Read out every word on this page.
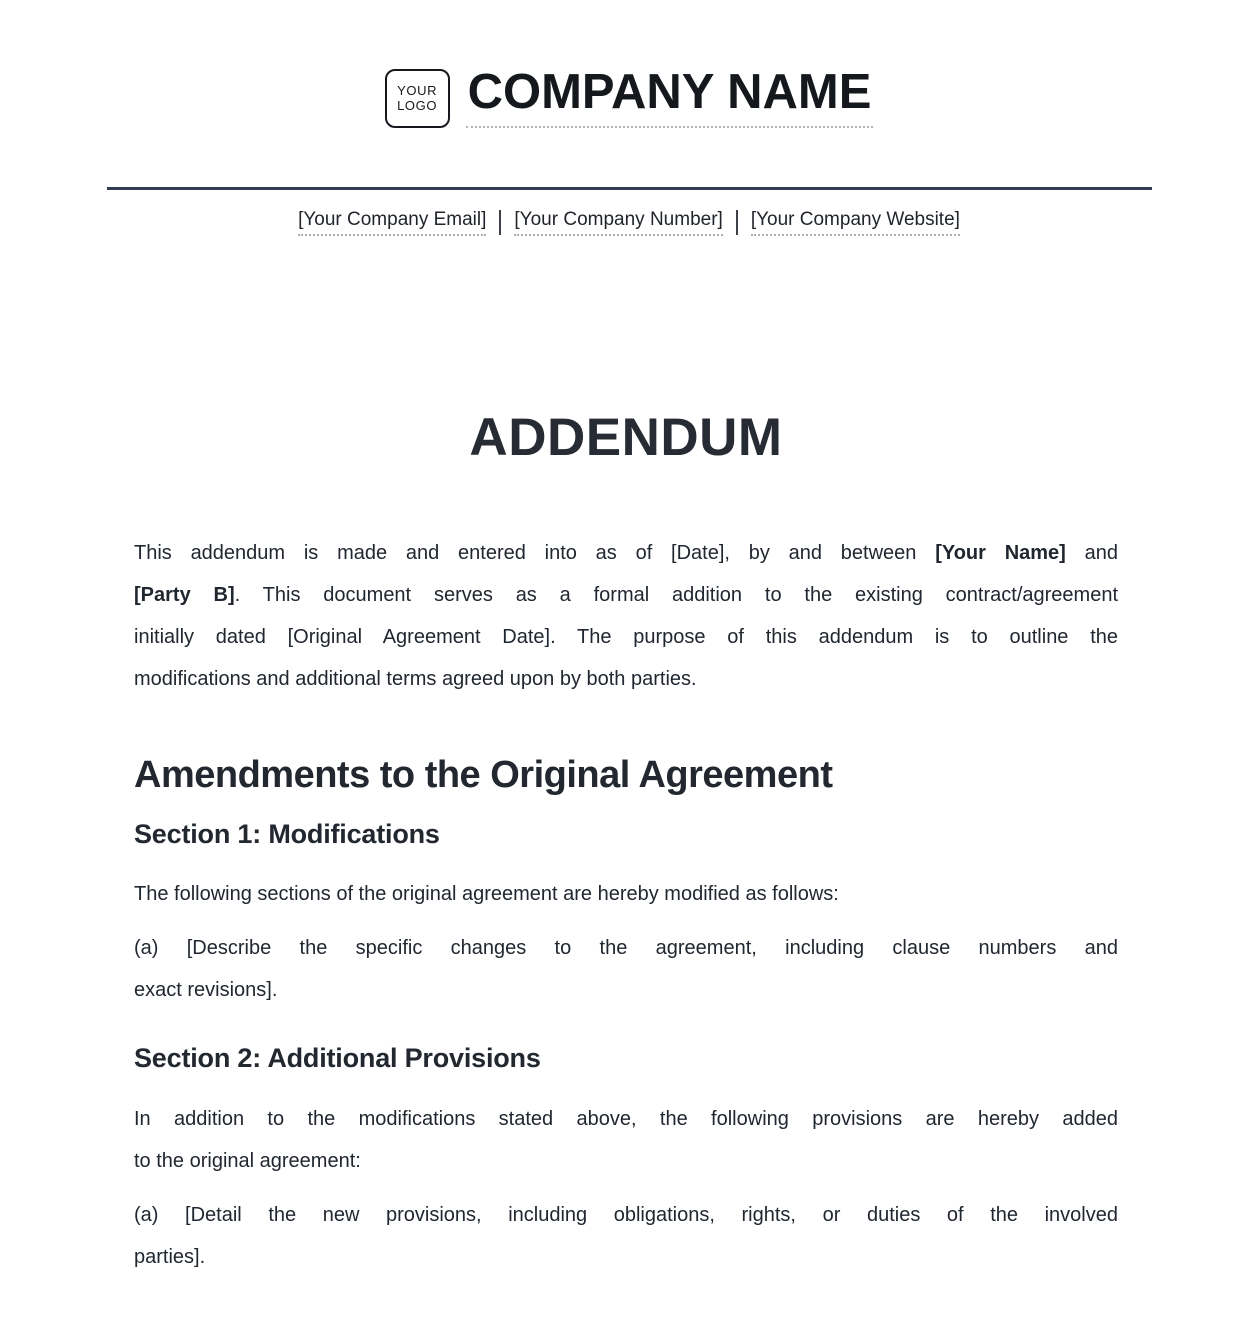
YOUR
LOGO COMPANY NAME
[Your Company Email] [Your Company Number] [Your Company Website]
ADDENDUM
This addendum is made and entered into as of [Date], by and between [Your Name] and
[Party B]. This document serves as a formal addition to the existing contract/agreement
initially dated [Original Agreement Date]. The purpose of this addendum is to outline the
modifications and additional terms agreed upon by both parties.
Amendments to the Original Agreement
Section 1: Modifications
The following sections of the original agreement are hereby modified as follows:
(a) [Describe the specific changes to the agreement, including clause numbers and
exact revisions].
Section 2: Additional Provisions
In addition to the modifications stated above, the following provisions are hereby added
to the original agreement:
(a) [Detail the new provisions, including obligations, rights, or duties of the involved
parties].
